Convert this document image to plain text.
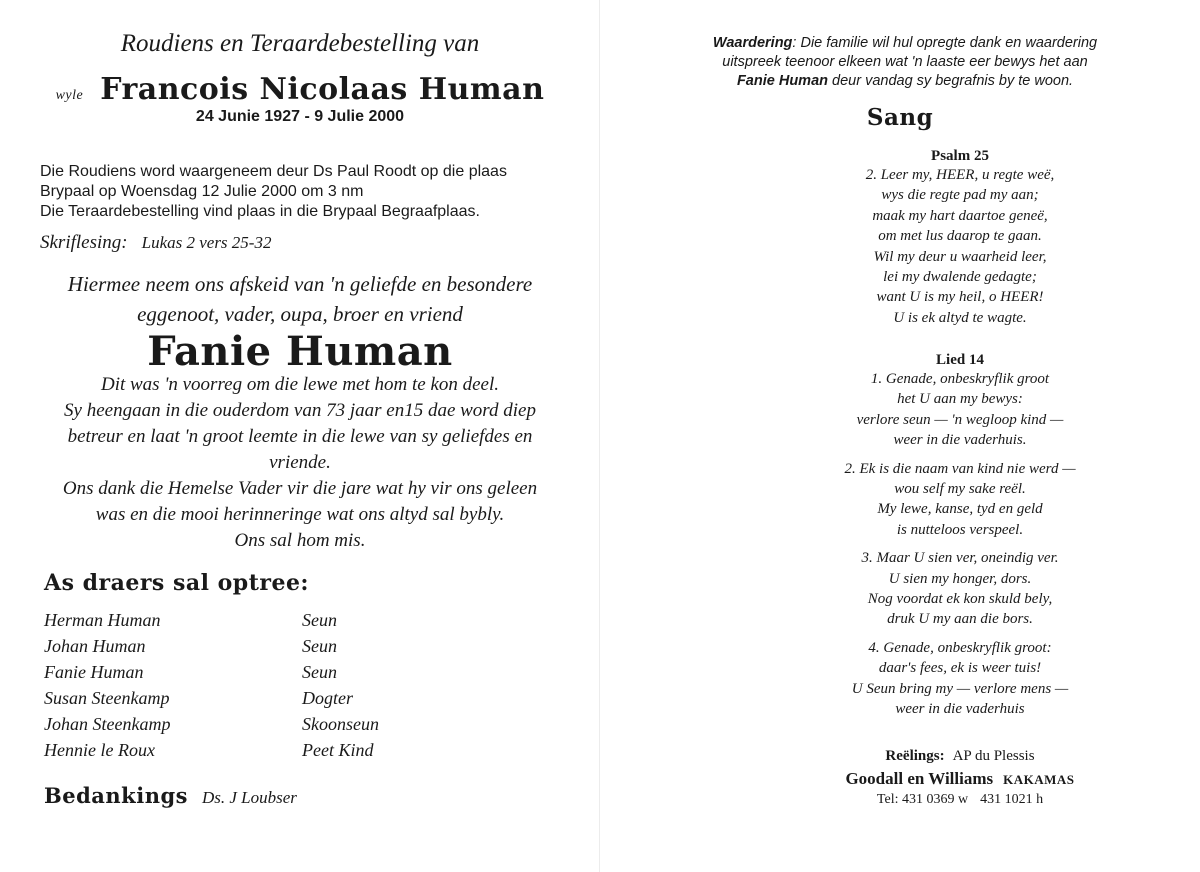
Roudiens en Teraardebestelling van
wyle Francois Nicolaas Human
24 Junie 1927 - 9 Julie 2000
Die Roudiens word waargeneem deur Ds Paul Roodt op die plaas
Brypaal op Woensdag 12 Julie 2000 om 3 nm
Die Teraardebestelling vind plaas in die Brypaal Begraafplaas.
Skriflesing: Lukas 2 vers 25-32
Hiermee neem ons afskeid van 'n geliefde en besondere
eggenoot, vader, oupa, broer en vriend
Fanie Human
Dit was 'n voorreg om die lewe met hom te kon deel.
Sy heengaan in die ouderdom van 73 jaar en15 dae word diep
betreur en laat 'n groot leemte in die lewe van sy geliefdes en
vriende.
Ons dank die Hemelse Vader vir die jare wat hy vir ons geleen
was en die mooi herinneringe wat ons altyd sal bybly.
Ons sal hom mis.
As draers sal optree:
Herman Human	Seun
Johan Human	Seun
Fanie Human	Seun
Susan Steenkamp	Dogter
Johan Steenkamp	Skoonseun
Hennie le Roux	Peet Kind
Bedankings Ds. J Loubser
Waardering: Die familie wil hul opregte dank en waardering
uitspreek teenoor elkeen wat 'n laaste eer bewys het aan
Fanie Human deur vandag sy begrafnis by te woon.
Sang
Psalm 25
2. Leer my, HEER, u regte weë,
wys die regte pad my aan;
maak my hart daartoe geneë,
om met lus daarop te gaan.
Wil my deur u waarheid leer,
lei my dwalende gedagte;
want U is my heil, o HEER!
U is ek altyd te wagte.
Lied 14
1. Genade, onbeskryflik groot
het U aan my bewys:
verlore seun — 'n wegloop kind —
weer in die vaderhuis.
2. Ek is die naam van kind nie werd —
wou self my sake reël.
My lewe, kanse, tyd en geld
is nutteloos verspeel.
3. Maar U sien ver, oneindig ver.
U sien my honger, dors.
Nog voordat ek kon skuld bely,
druk U my aan die bors.
4. Genade, onbeskryflik groot:
daar's fees, ek is weer tuis!
U Seun bring my — verlore mens —
weer in die vaderhuis
Reëlings: AP du Plessis
Goodall en Williams KAKAMAS
Tel: 431 0369 w 431 1021 h
